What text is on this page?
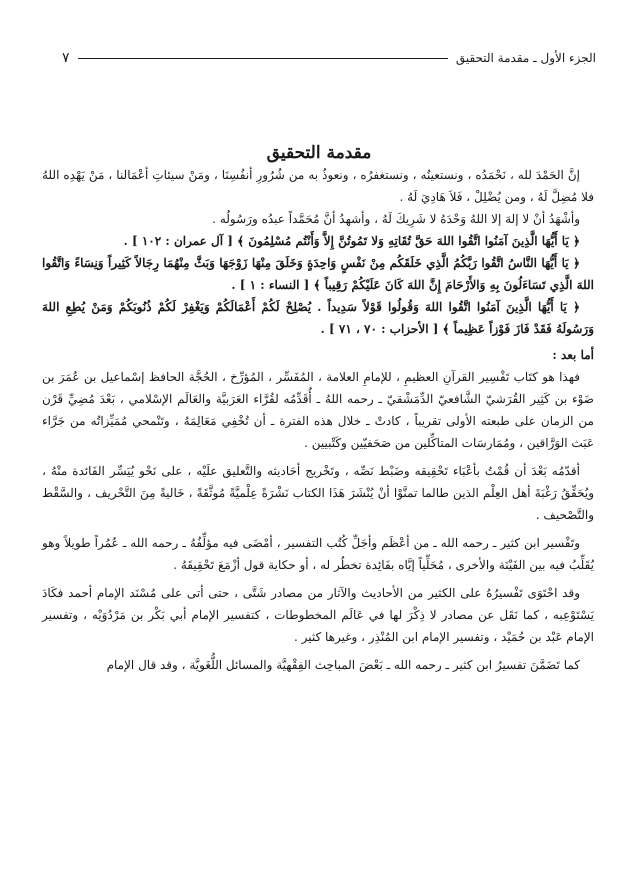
الجزء الأول ـ مقدمة التحقيق
٧
مقدمة التحقيق

إنَّ الحَمْدَ لله ، نَحْمَدُه ، ونستعينُه ، ونستغفرُه ، ونعوذُ به من شُرُورِ أنفُسِنَا ، ومَنْ سيئاتِ أعْمَالنا ، مَنْ يَهْدِه اللهُ فلا مُضِلَّ لَهُ ، ومن يُضْلِلْ ، فَلاَ هَادِيَ لَهُ .

وأشْهَدُ أنْ لا إلهَ إلا اللهُ وَحْدَهُ لا شَرِيكَ لَهُ ، وأشهدُ أنَّ مُحَمَّداً عبدُه ورَسُولُه .

﴿ يَا أَيُّهَا الَّذِينَ آمَنُوا اتَّقُوا اللهَ حَقَّ تُقَاتِهِ وَلا تَمُوتُنَّ إِلاَّ وَأَنْتُم مُسْلِمُونَ ﴾ [ آل عمران : ١٠٢ ] .

﴿ يَا أَيُّهَا النَّاسُ اتَّقُوا رَبَّكُمُ الَّذِي خَلَقَكُم مِنْ نَفْسٍ وَاحِدَةٍ وَخَلَقَ مِنْهَا زَوْجَهَا وَبَثَّ مِنْهُمَا رِجَالاً كَثِيراً وَنِسَاءً وَاتَّقُوا اللهَ الَّذِي تَسَاءَلُونَ بِهِ وَالأَرْحَامَ إِنَّ اللهَ كَانَ عَلَيْكُمْ رَقِيباً ﴾ [ النساء : ١ ] .

﴿ يَا أَيُّهَا الَّذِينَ آمَنُوا اتَّقُوا اللهَ وَقُولُوا قَوْلاً سَدِيداً . يُصْلِحْ لَكُمْ أَعْمَالَكُمْ وَيَغْفِرْ لَكُمْ ذُنُوبَكُمْ وَمَنْ يُطِعِ اللهَ وَرَسُولَهُ فَقَدْ فَازَ فَوْزاً عَظِيماً ﴾ [ الأحزاب : ٧٠ ، ٧١ ] .

أما بعد :

فهذا هو كتَاب تَفْسِير القرآنِ العظيمِ ، للإمامِ العلامة ، المُفَسِّر ، المُؤرِّخ ، الحُجَّة الحافظ إسْماعيل بن عُمَرَ بن ضَوْء بن كَثِير القُرَشيّ الشَّافعيّ الدِّمَشْقيّ ـ رحمه اللهُ ـ أُقَدِّمُه لقُرَّاء العَرَبيَّة والعَالَم الإسْلامي ، بَعْدَ مُضِيِّ قَرْن من الزمان على طبعته الأولى تقريباً ، كادتْ ـ خلال هذه الفترة ـ أن تُخْفِي مَعَالِمَهُ ، وتَنْمحي مُمَيِّزاتُه من جَرَّاء عَبَث الوَرَّاقين ، ومُمَارسَات المتاكِّلين من صَحَفيّين وكَتْبيين .

أقدّمُه بَعْدَ أن قُمْتُ بأعْبَاء تَحْقِيقه وضَبْط نَصِّه ، وتَخْريج أحَاديثه والتَّعليق علَيْه ، على نَحْو يُيَسِّر الفَائدة منْهُ ، ويُحَقِّقُ رَغْبَةَ أهل العِلْم الذين طالما تمنَّوْا أنْ يُنْشَرَ هَذَا الكتاب نَشْرَةً عِلْميَّةً مُوثَّقَةً ، خَاليةً مِنَ التَّحْريف ، والسَّقْط والتَّصْحيف .

وتَفْسير ابن كثير ـ رحمه الله ـ من أعْظَم وأجَلِّ كُتُب التفسير ، أمْضَى فيه مؤلِّفُهُ ـ رحمه الله ـ عُمُراً طويلاً وهو يُقَلِّبُ فيه بين الفَيْنَة والأخرى ، مُحَلِّياً إيَّاه بفَائِدة تخطُر له ، أو حكاية قول أزْمَعَ تَحْقِيقَهُ .

وقد احْتَوَى تَفْسيرُهُ على الكثير من الأحاديث والآثار من مصادر شَتَّى ، حتى أتى على مُسْنَد الإمام أحمد فكَادَ يَسْتَوْعِبه ، كما نَقَل عن مصادر لا ذِكْرَ لها في عَالَم المخطوطات ، كتفسير الإمام أبي بَكْر بن مَرْدُوَيْه ، وتفسير الإمام عَبْد بن حُمَيْد ، وتفسير الإمام ابن المُنْذِر ، وغيرها كثير .

كما تَضَمَّنَ تفسيرُ ابن كثير ـ رحمه الله ـ بَعْضَ المباحِث الفِقْهيَّة والمسائل اللُّغَويَّة ، وقد قال الإمام
